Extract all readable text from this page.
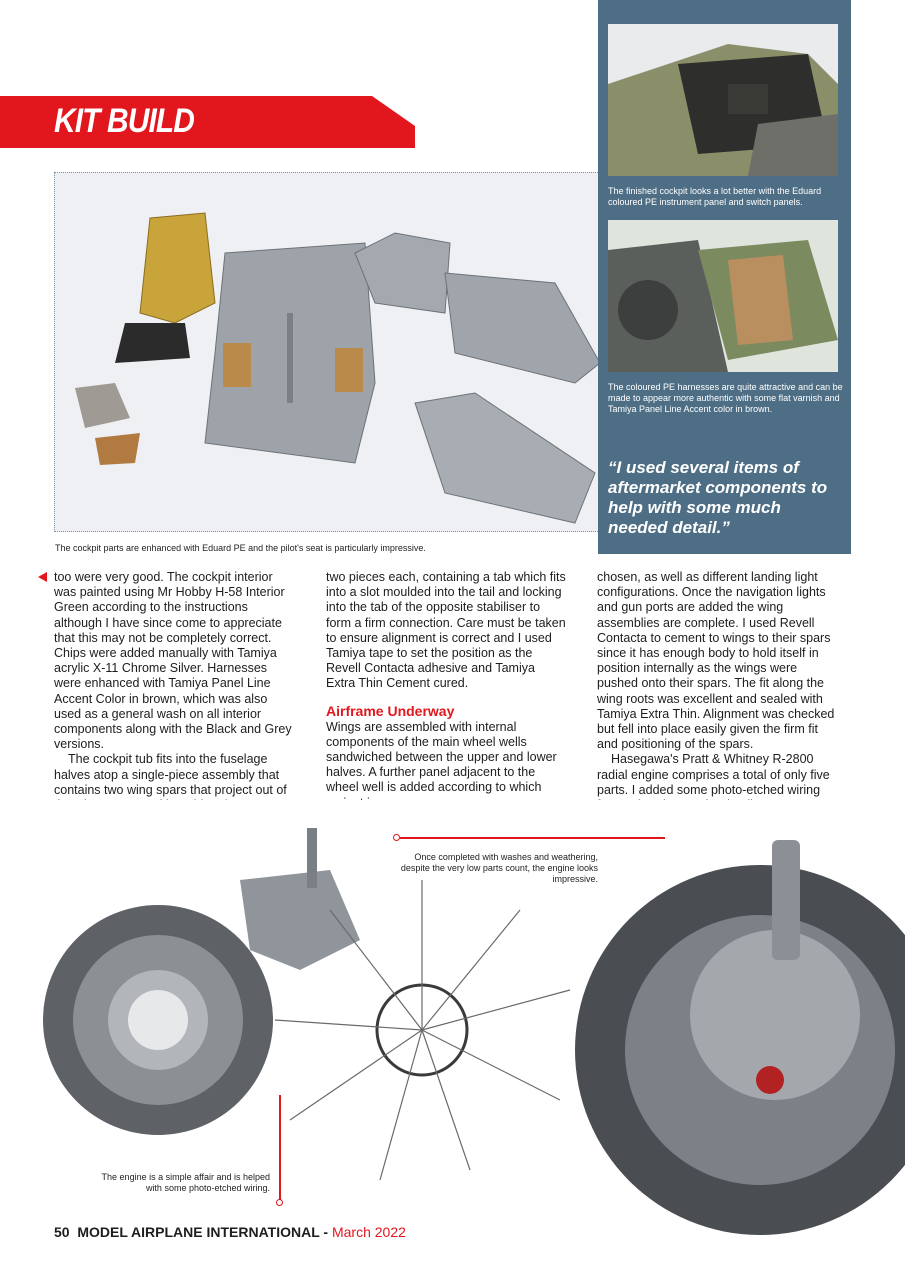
KIT BUILD
The cockpit parts are enhanced with Eduard PE and the pilot's seat is particularly impressive.
The finished cockpit looks a lot better with the Eduard coloured PE instrument panel and switch panels.
The coloured PE harnesses are quite attractive and can be made to appear more authentic with some flat varnish and Tamiya Panel Line Accent color in brown.
“I used several items of aftermarket components to help with some much needed detail.”

too were very good. The cockpit interior was painted using Mr Hobby H-58 Interior Green according to the instructions although I have since come to appreciate that this may not be completely correct. Chips were added manually with Tamiya acrylic X-11 Chrome Silver. Harnesses were enhanced with Tamiya Panel Line Accent Color in brown, which was also used as a general wash on all interior components along with the Black and Grey versions.

The cockpit tub fits into the fuselage halves atop a single-piece assembly that contains two wing spars that project out of

two pieces each, containing a tab which fits into a slot moulded into the tail and locking into the tab of the opposite stabiliser to form a firm connection. Care must be taken to ensure alignment is correct and I used Tamiya tape to set the position as the Revell Contacta adhesive and Tamiya Extra Thin Cement cured.

Airframe Underway

Wings are assembled with internal components of the main wheel wells sandwiched between the upper and lower halves. A further panel adjacent to the wheel well is added according to which

chosen, as well as different landing light configurations. Once the navigation lights and gun ports are added the wing assemblies are complete. I used Revell Contacta to cement to wings to their spars since it has enough body to hold itself in position internally as the wings were pushed onto their spars. The fit along the wing roots was excellent and sealed with Tamiya Extra Thin. Alignment was checked but fell into place easily given the firm fit and positioning of the spars.

Hasegawa's Pratt & Whitney R-2800 radial engine comprises a total of only five parts. I added some photo-etched wiring

Once completed with washes and weathering, despite the very low parts count, the engine looks impressive.
The engine is a simple affair and is helped with some photo-etched wiring.
50 MODEL AIRPLANE INTERNATIONAL - March 2022
